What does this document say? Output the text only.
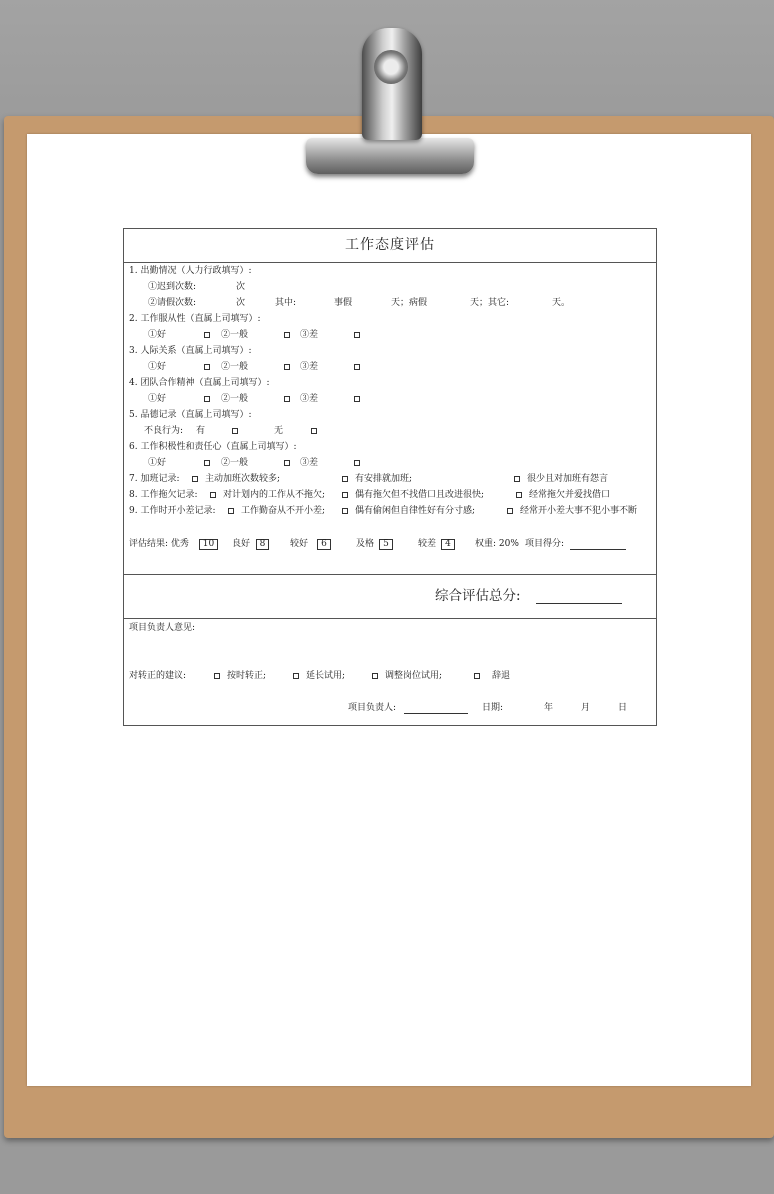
工作态度评估
1. 出勤情况（人力行政填写）:
①迟到次数:	次
②请假次数:	次	其中:	事假	天；病假	天；其它:	天。
2. 工作服从性（直属上司填写）:
①好	②一般	③差
3. 人际关系（直属上司填写）:
①好	②一般	③差
4. 团队合作精神（直属上司填写）:
①好	②一般	③差
5. 品德记录（直属上司填写）:
不良行为: 有	无
6. 工作积极性和责任心（直属上司填写）:
①好	②一般	③差
7. 加班记录:	主动加班次数较多;	有安排就加班;	很少且对加班有怨言
8. 工作拖欠记录:	对计划内的工作从不拖欠;	偶有拖欠但不找借口且改进很快;	经常拖欠并爱找借口
9. 工作时开小差记录:	工作勤奋从不开小差;	偶有偷闲但自律性好有分寸感;	经常开小差大事不犯小事不断
评估结果: 优秀	10	良好	8	较好	6	及格	5	较差	4	权重: 20% 项目得分:
综合评估总分:
项目负责人意见:
对转正的建议:	按时转正;	延长试用;	调整岗位试用;	辞退
项目负责人:	日期:	年	月	日
